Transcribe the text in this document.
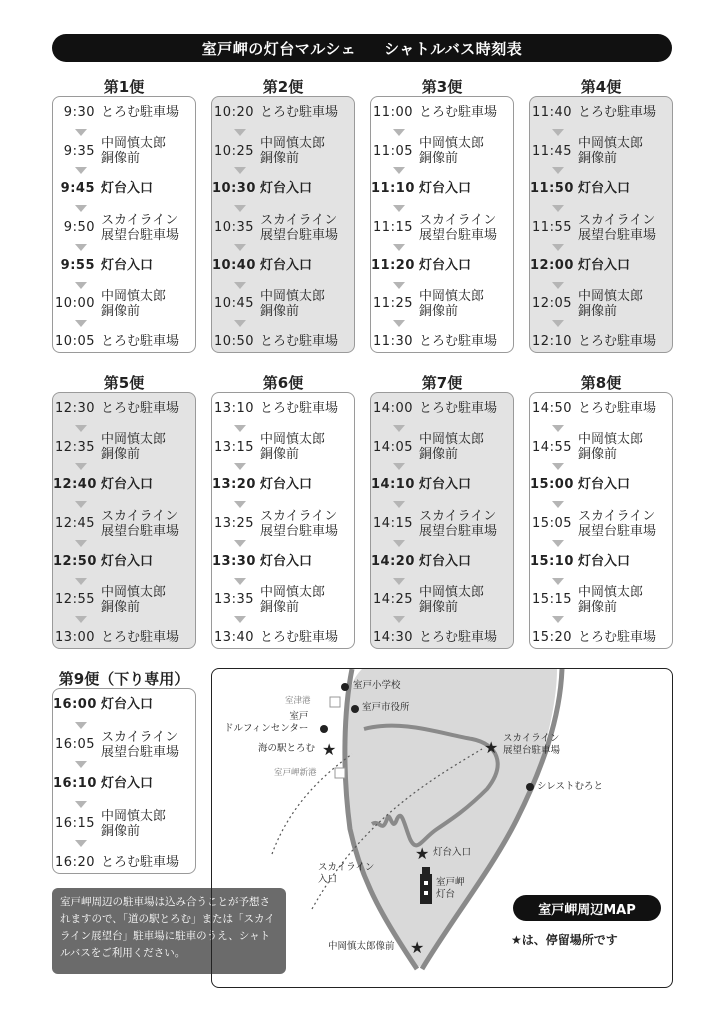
室戸岬の灯台マルシェ シャトルバス時刻表
第1便
9:30 とろむ駐車場
9:35 中岡慎太郎
銅像前
9:45 灯台入口
9:50 スカイライン
展望台駐車場
9:55 灯台入口
10:00 中岡慎太郎
銅像前
10:05 とろむ駐車場
第2便
10:20 とろむ駐車場
10:25 中岡慎太郎
銅像前
10:30 灯台入口
10:35 スカイライン
展望台駐車場
10:40 灯台入口
10:45 中岡慎太郎
銅像前
10:50 とろむ駐車場
第3便
11:00 とろむ駐車場
11:05 中岡慎太郎
銅像前
11:10 灯台入口
11:15 スカイライン
展望台駐車場
11:20 灯台入口
11:25 中岡慎太郎
銅像前
11:30 とろむ駐車場
第4便
11:40 とろむ駐車場
11:45 中岡慎太郎
銅像前
11:50 灯台入口
11:55 スカイライン
展望台駐車場
12:00 灯台入口
12:05 中岡慎太郎
銅像前
12:10 とろむ駐車場
第5便
12:30 とろむ駐車場
12:35 中岡慎太郎
銅像前
12:40 灯台入口
12:45 スカイライン
展望台駐車場
12:50 灯台入口
12:55 中岡慎太郎
銅像前
13:00 とろむ駐車場
第6便
13:10 とろむ駐車場
13:15 中岡慎太郎
銅像前
13:20 灯台入口
13:25 スカイライン
展望台駐車場
13:30 灯台入口
13:35 中岡慎太郎
銅像前
13:40 とろむ駐車場
第7便
14:00 とろむ駐車場
14:05 中岡慎太郎
銅像前
14:10 灯台入口
14:15 スカイライン
展望台駐車場
14:20 灯台入口
14:25 中岡慎太郎
銅像前
14:30 とろむ駐車場
第8便
14:50 とろむ駐車場
14:55 中岡慎太郎
銅像前
15:00 灯台入口
15:05 スカイライン
展望台駐車場
15:10 灯台入口
15:15 中岡慎太郎
銅像前
15:20 とろむ駐車場
第9便（下り専用）
16:00 灯台入口
16:05 スカイライン
展望台駐車場
16:10 灯台入口
16:15 中岡慎太郎
銅像前
16:20 とろむ駐車場
室戸岬周辺の駐車場は込み合うことが予想されますので、「道の駅とろむ」または「スカイライン展望台」駐車場に駐車のうえ、シャトルバスをご利用ください。
★	★
★
★
室戸小学校
室津港
室戸市役所
室戸
ドルフィンセンター
海の駅とろむ
室戸岬新港
スカイライン
展望台駐車場
シレストむろと
灯台入口
スカイライン
入口	室戸岬
灯台
中岡慎太郎像前
室戸岬周辺MAP
★は、停留場所です
